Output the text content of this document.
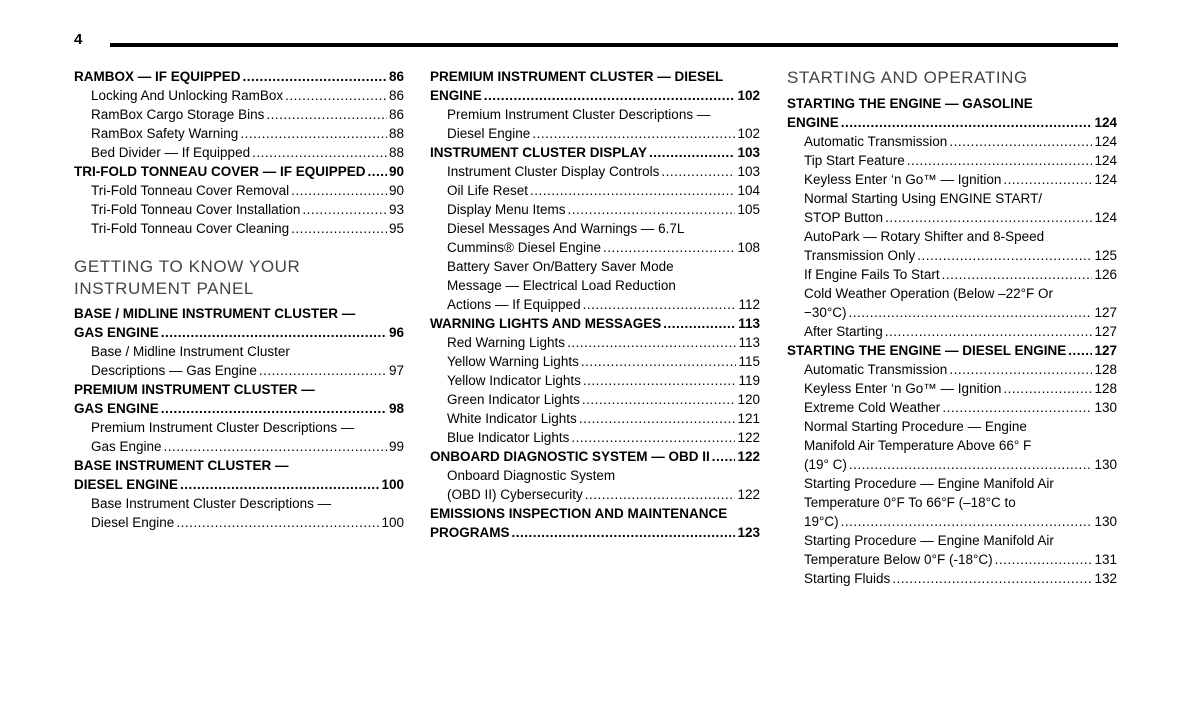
4
RAMBOX — IF EQUIPPED .....	86
Locking And Unlocking RamBox .....	86
RamBox Cargo Storage Bins .....	86
RamBox Safety Warning .....	88
Bed Divider — If Equipped .....	88
TRI-FOLD TONNEAU COVER — IF EQUIPPED ..... 90
Tri-Fold Tonneau Cover Removal .....	90
Tri-Fold Tonneau Cover Installation .....	93
Tri-Fold Tonneau Cover Cleaning .....	95
GETTING TO KNOW YOUR
INSTRUMENT PANEL
BASE / MIDLINE INSTRUMENT CLUSTER —
GAS ENGINE .....	96
Base / Midline Instrument Cluster
Descriptions — Gas Engine .....	97
PREMIUM INSTRUMENT CLUSTER —
GAS ENGINE .....	98
Premium Instrument Cluster Descriptions —
Gas Engine .....	99
BASE INSTRUMENT CLUSTER —
DIESEL ENGINE .....	100
Base Instrument Cluster Descriptions —
Diesel Engine .....	100
PREMIUM INSTRUMENT CLUSTER — DIESEL
ENGINE .....	102
Premium Instrument Cluster Descriptions —
Diesel Engine .....	102
INSTRUMENT CLUSTER DISPLAY .....	103
Instrument Cluster Display Controls .....	103
Oil Life Reset .....	104
Display Menu Items .....	105
Diesel Messages And Warnings — 6.7L
Cummins® Diesel Engine .....	108
Battery Saver On/Battery Saver Mode
Message — Electrical Load Reduction
Actions — If Equipped .....	112
WARNING LIGHTS AND MESSAGES .....	113
Red Warning Lights .....	113
Yellow Warning Lights .....	115
Yellow Indicator Lights .....	119
Green Indicator Lights .....	120
White Indicator Lights .....	121
Blue Indicator Lights .....	122
ONBOARD DIAGNOSTIC SYSTEM — OBD II ..... 122
Onboard Diagnostic System
(OBD II) Cybersecurity .....	122
EMISSIONS INSPECTION AND MAINTENANCE
PROGRAMS .....	123
STARTING AND OPERATING
STARTING THE ENGINE — GASOLINE
ENGINE .....	124
Automatic Transmission .....	124
Tip Start Feature .....	124
Keyless Enter ‘n Go™ — Ignition .....	124
Normal Starting Using ENGINE START/
STOP Button .....	124
AutoPark — Rotary Shifter and 8-Speed
Transmission Only .....	125
If Engine Fails To Start .....	126
Cold Weather Operation (Below –22°F Or
−30°C) .....	127
After Starting .....	127
STARTING THE ENGINE — DIESEL ENGINE ..... 127
Automatic Transmission .....	128
Keyless Enter ‘n Go™ — Ignition .....	128
Extreme Cold Weather .....	130
Normal Starting Procedure — Engine
Manifold Air Temperature Above 66° F
(19° C) .....	130
Starting Procedure — Engine Manifold Air
Temperature 0°F To 66°F (–18°C to
19°C) .....	130
Starting Procedure — Engine Manifold Air
Temperature Below 0°F (-18°C) .....	131
Starting Fluids .....	132
